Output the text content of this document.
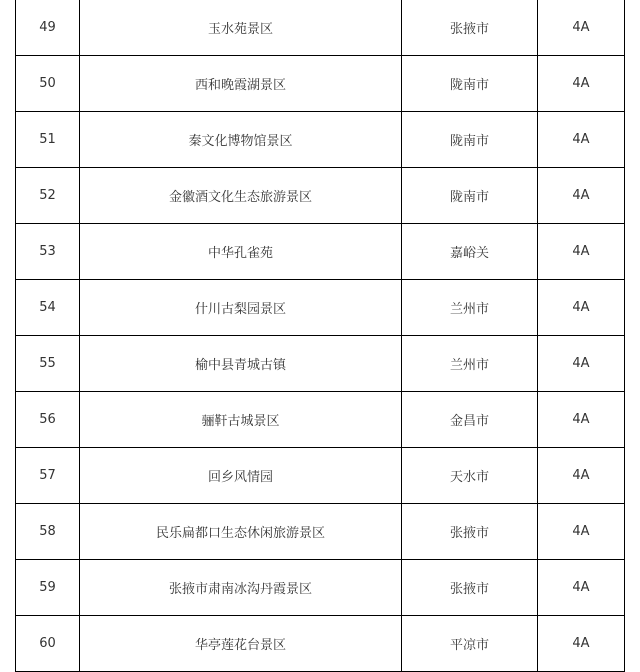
49	玉水苑景区	张掖市	4A
50	西和晚霞湖景区	陇南市	4A
51	秦文化博物馆景区	陇南市	4A
52	金徽酒文化生态旅游景区	陇南市	4A
53	中华孔雀苑	嘉峪关	4A
54	什川古梨园景区	兰州市	4A
55	榆中县青城古镇	兰州市	4A
56	骊靬古城景区	金昌市	4A
57	回乡风情园	天水市	4A
58	民乐扁都口生态休闲旅游景区	张掖市	4A
59	张掖市肃南冰沟丹霞景区	张掖市	4A
60	华亭莲花台景区	平凉市	4A
